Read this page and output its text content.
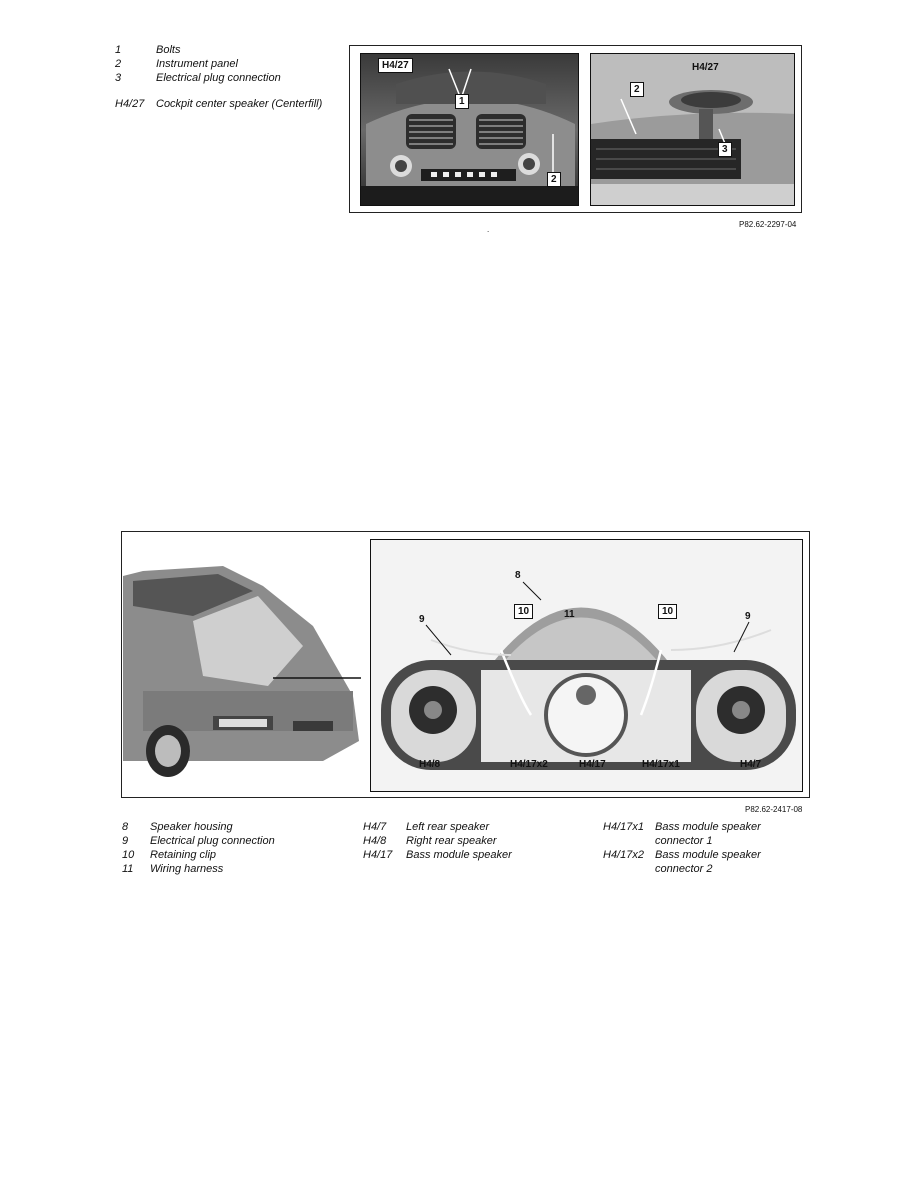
1	Bolts
2	Instrument panel
3	Electrical plug connection
H4/27	Cockpit center speaker (Centerfill)
H4/27
1
2
H4/27
2
3
P82.62-2297-04
.
8
9
10	11	10	9
H4/8	H4/17x2	H4/17	H4/17x1	H4/7
P82.62-2417-08
8	Speaker housing
9	Electrical plug connection
10	Retaining clip
11	Wiring harness
H4/7	Left rear speaker
H4/8	Right rear speaker
H4/17	Bass module speaker
H4/17x1	Bass module speaker connector 1
H4/17x2	Bass module speaker connector 2
